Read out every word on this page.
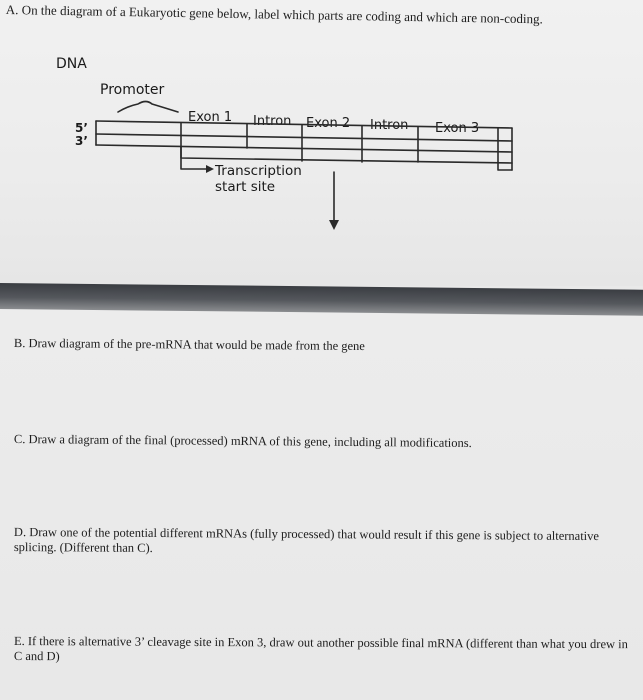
A. On the diagram of a Eukaryotic gene below, label which parts are coding and which are non-coding.
DNA
Promoter
5’
3’
Exon 1 Intron Exon 2 Intron Exon 3
Transcription start site
B. Draw diagram of the pre-mRNA that would be made from the gene
C. Draw a diagram of the final (processed) mRNA of this gene, including all modifications.
D. Draw one of the potential different mRNAs (fully processed) that would result if this gene is subject to alternative splicing. (Different than C).
E. If there is alternative 3’ cleavage site in Exon 3, draw out another possible final mRNA (different than what you drew in C and D)
